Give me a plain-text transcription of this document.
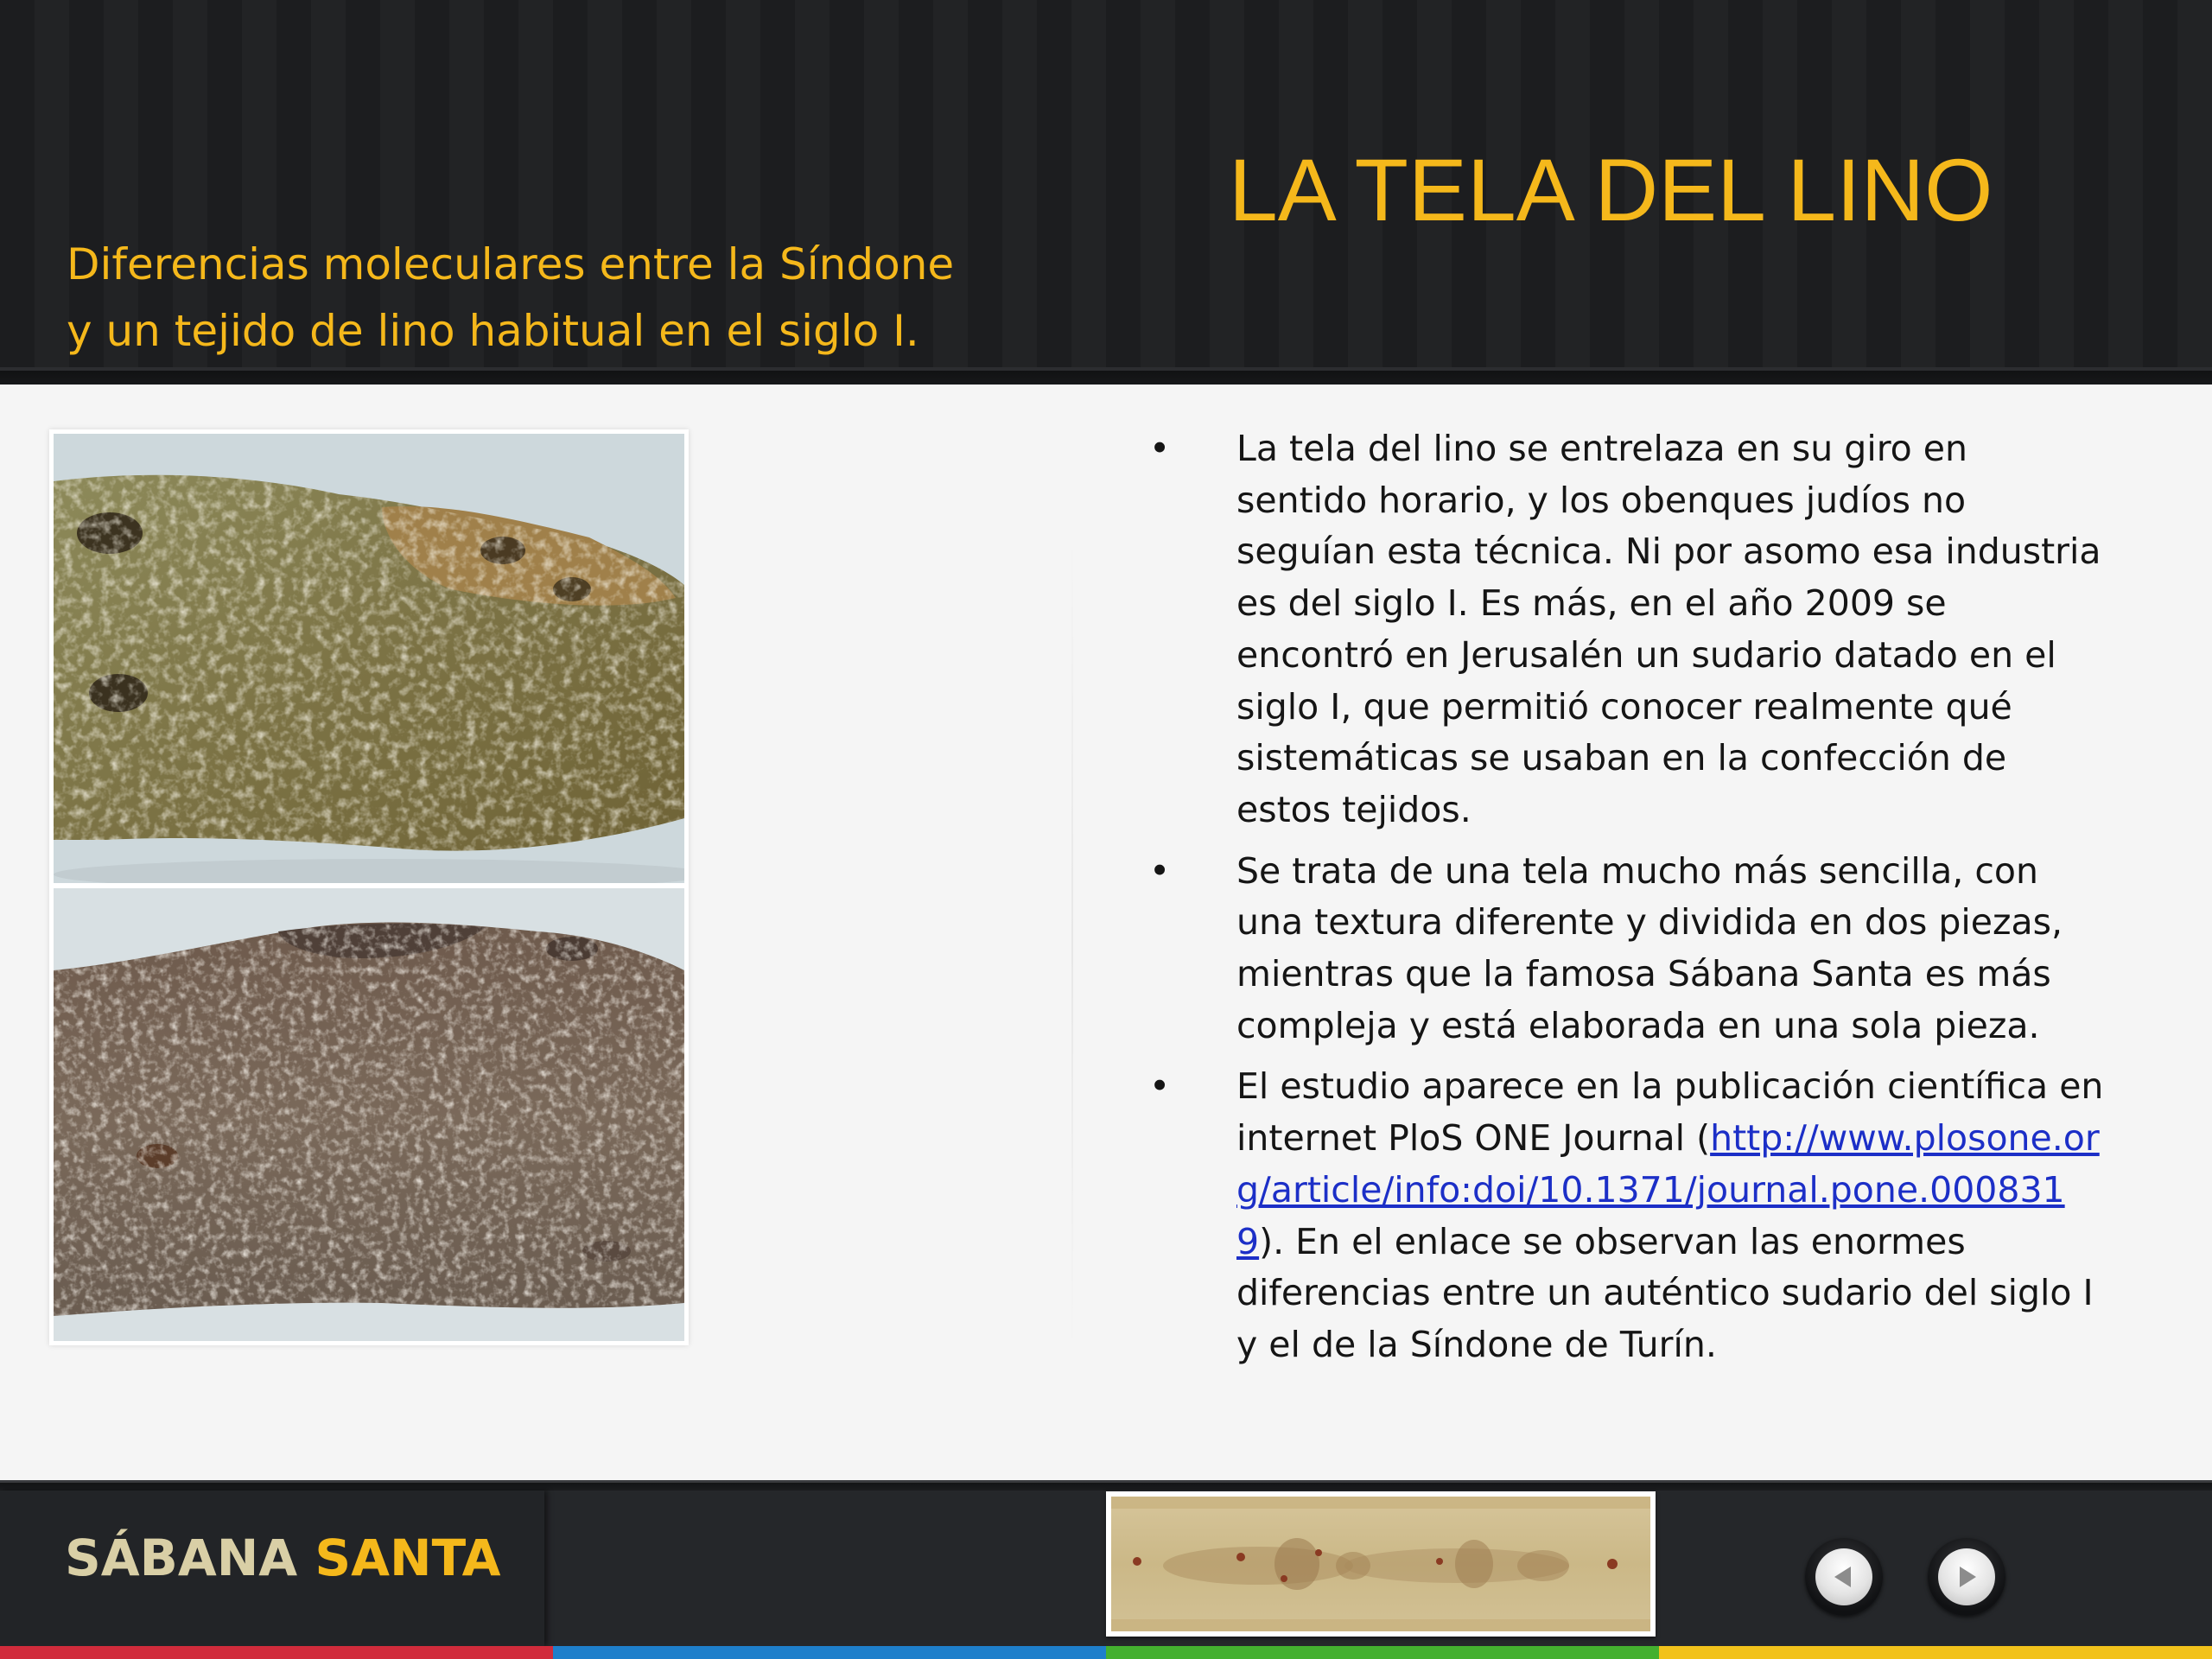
LA TELA DEL LINO
Diferencias moleculares entre la Síndone
y un tejido de lino habitual en el siglo I.
• La tela del lino se entrelaza en su giro en sentido horario, y los obenques judíos no seguían esta técnica. Ni por asomo esa industria es del siglo I. Es más, en el año 2009 se encontró en Jerusalén un sudario datado en el siglo I, que permitió conocer realmente qué sistemáticas se usaban en la confección de estos tejidos.
• Se trata de una tela mucho más sencilla, con una textura diferente y dividida en dos piezas, mientras que la famosa Sábana Santa es más compleja y está elaborada en una sola pieza.
• El estudio aparece en la publicación científica en internet PloS ONE Journal (http://www.plosone.org/article/info:doi/10.1371/journal.pone.0008319). En el enlace se observan las enormes diferencias entre un auténtico sudario del siglo I y el de la Síndone de Turín.
SÁBANA SANTA
